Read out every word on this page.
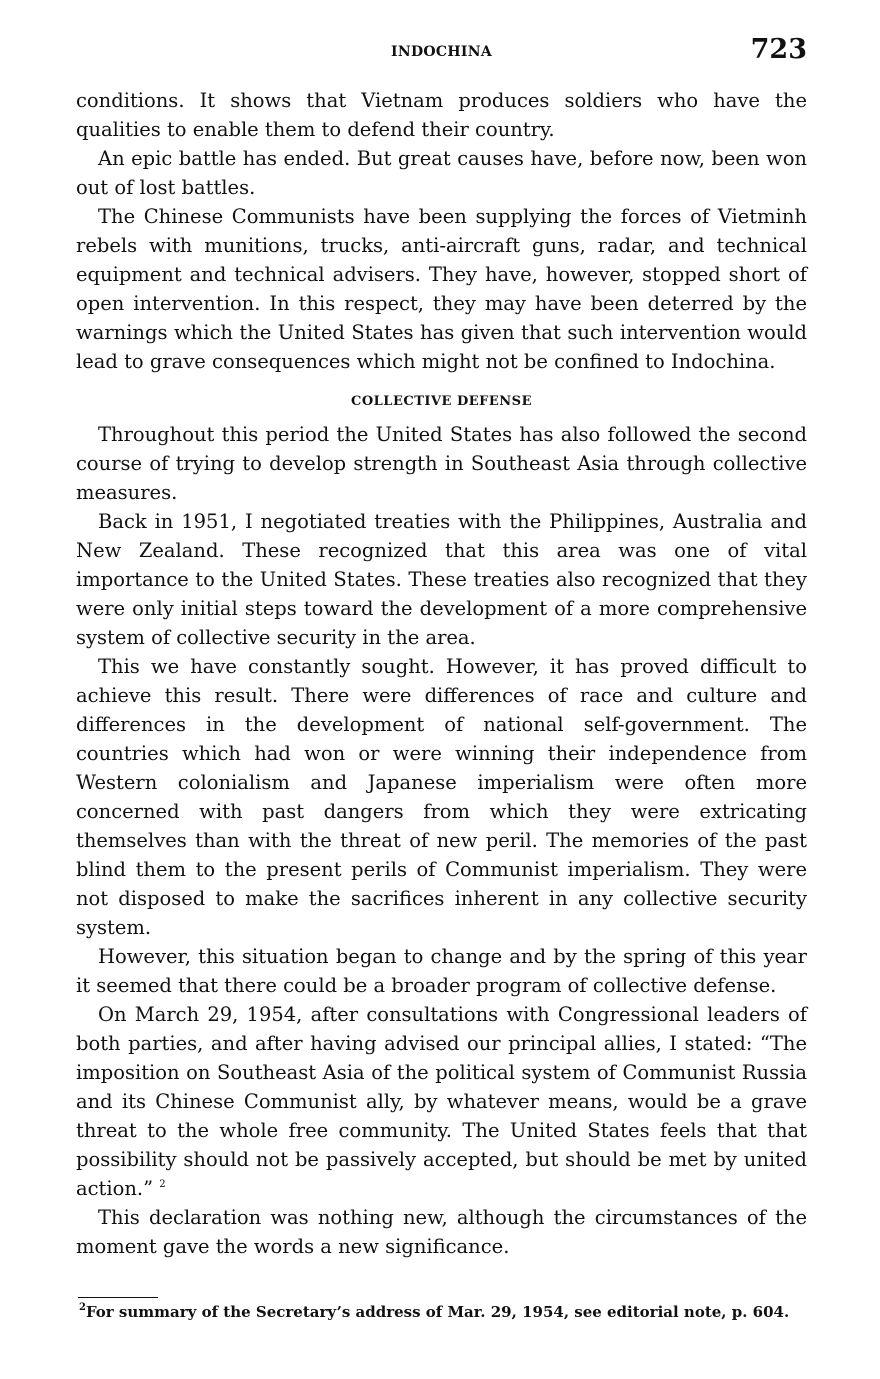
INDOCHINA	723

conditions. It shows that Vietnam produces soldiers who have the qualities to enable them to defend their country.

An epic battle has ended. But great causes have, before now, been won out of lost battles.

The Chinese Communists have been supplying the forces of Vietminh rebels with munitions, trucks, anti-aircraft guns, radar, and technical equipment and technical advisers. They have, however, stopped short of open intervention. In this respect, they may have been deterred by the warnings which the United States has given that such intervention would lead to grave consequences which might not be confined to Indochina.

COLLECTIVE DEFENSE

Throughout this period the United States has also followed the second course of trying to develop strength in Southeast Asia through collective measures.

Back in 1951, I negotiated treaties with the Philippines, Australia and New Zealand. These recognized that this area was one of vital importance to the United States. These treaties also recognized that they were only initial steps toward the development of a more comprehensive system of collective security in the area.

This we have constantly sought. However, it has proved difficult to achieve this result. There were differences of race and culture and differences in the development of national self-government. The countries which had won or were winning their independence from Western colonialism and Japanese imperialism were often more concerned with past dangers from which they were extricating themselves than with the threat of new peril. The memories of the past blind them to the present perils of Communist imperialism. They were not disposed to make the sacrifices inherent in any collective security system.

However, this situation began to change and by the spring of this year it seemed that there could be a broader program of collective defense.

On March 29, 1954, after consultations with Congressional leaders of both parties, and after having advised our principal allies, I stated: “The imposition on Southeast Asia of the political system of Communist Russia and its Chinese Communist ally, by whatever means, would be a grave threat to the whole free community. The United States feels that that possibility should not be passively accepted, but should be met by united action.” $^2$

This declaration was nothing new, although the circumstances of the moment gave the words a new significance.

$^2$For summary of the Secretary’s address of Mar. 29, 1954, see editorial note, p. 604.
